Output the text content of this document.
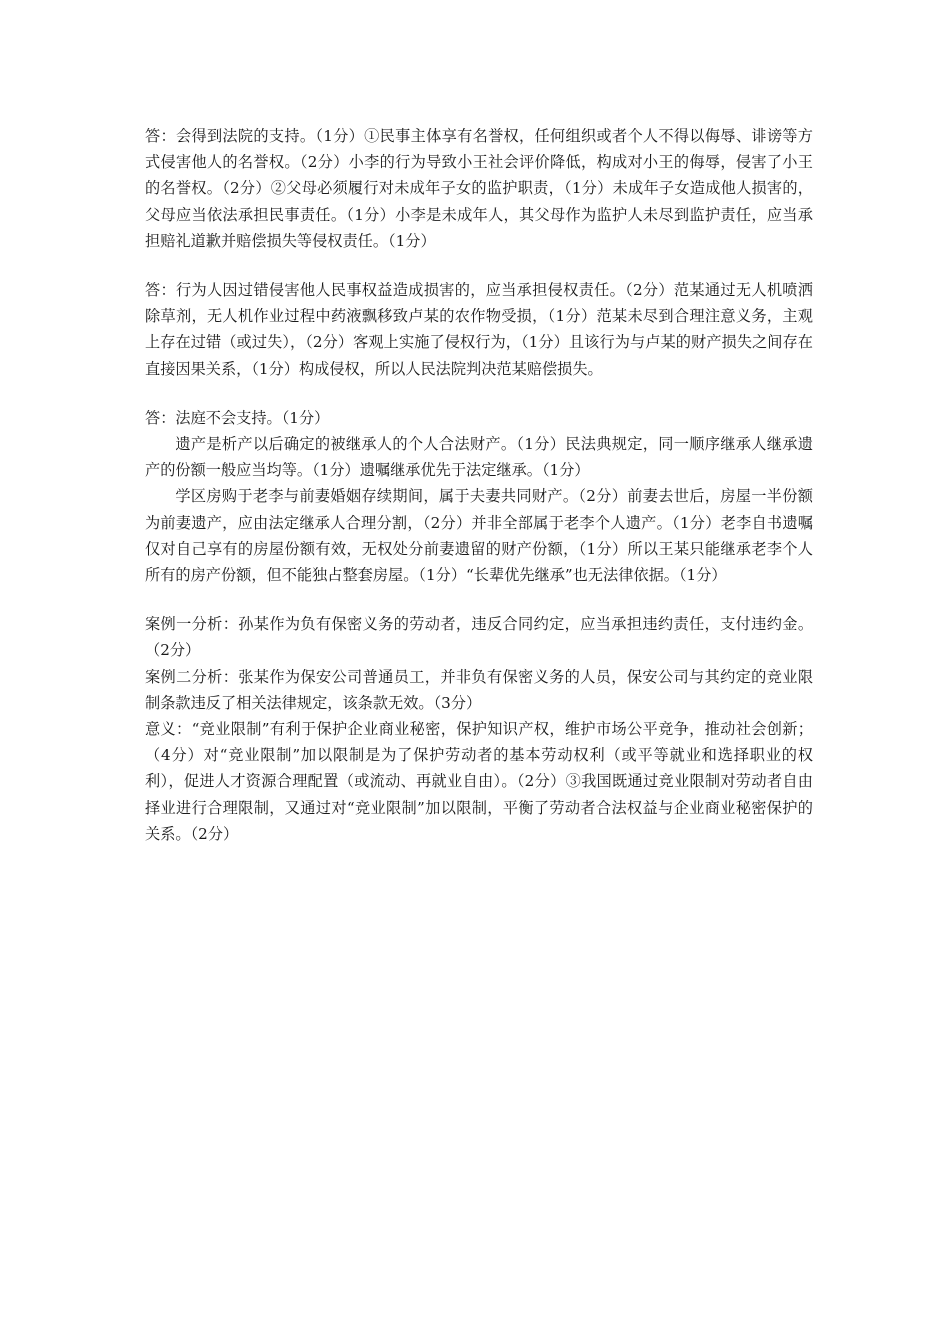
答：会得到法院的支持。（1分）①民事主体享有名誉权，任何组织或者个人不得以侮辱、诽谤等方式侵害他人的名誉权。（2分）小李的行为导致小王社会评价降低，构成对小王的侮辱，侵害了小王的名誉权。（2分）②父母必须履行对未成年子女的监护职责，（1分）未成年子女造成他人损害的，父母应当依法承担民事责任。（1分）小李是未成年人，其父母作为监护人未尽到监护责任，应当承担赔礼道歉并赔偿损失等侵权责任。（1分）

答：行为人因过错侵害他人民事权益造成损害的，应当承担侵权责任。（2分）范某通过无人机喷洒除草剂，无人机作业过程中药液飘移致卢某的农作物受损，（1分）范某未尽到合理注意义务，主观上存在过错（或过失），（2分）客观上实施了侵权行为，（1分）且该行为与卢某的财产损失之间存在直接因果关系，（1分）构成侵权，所以人民法院判决范某赔偿损失。

答：法庭不会支持。（1分）

遗产是析产以后确定的被继承人的个人合法财产。（1分）民法典规定，同一顺序继承人继承遗产的份额一般应当均等。（1分）遗嘱继承优先于法定继承。（1分）

学区房购于老李与前妻婚姻存续期间，属于夫妻共同财产。（2分）前妻去世后，房屋一半份额为前妻遗产，应由法定继承人合理分割，（2分）并非全部属于老李个人遗产。（1分）老李自书遗嘱仅对自己享有的房屋份额有效，无权处分前妻遗留的财产份额，（1分）所以王某只能继承老李个人所有的房产份额，但不能独占整套房屋。（1分）“长辈优先继承”也无法律依据。（1分）

案例一分析：孙某作为负有保密义务的劳动者，违反合同约定，应当承担违约责任，支付违约金。（2分）

案例二分析：张某作为保安公司普通员工，并非负有保密义务的人员，保安公司与其约定的竞业限制条款违反了相关法律规定，该条款无效。（3分）

意义：“竞业限制”有利于保护企业商业秘密，保护知识产权，维护市场公平竞争，推动社会创新；（4分）对“竞业限制”加以限制是为了保护劳动者的基本劳动权利（或平等就业和选择职业的权利），促进人才资源合理配置（或流动、再就业自由）。（2分）③我国既通过竞业限制对劳动者自由择业进行合理限制，又通过对“竞业限制”加以限制，平衡了劳动者合法权益与企业商业秘密保护的关系。（2分）
